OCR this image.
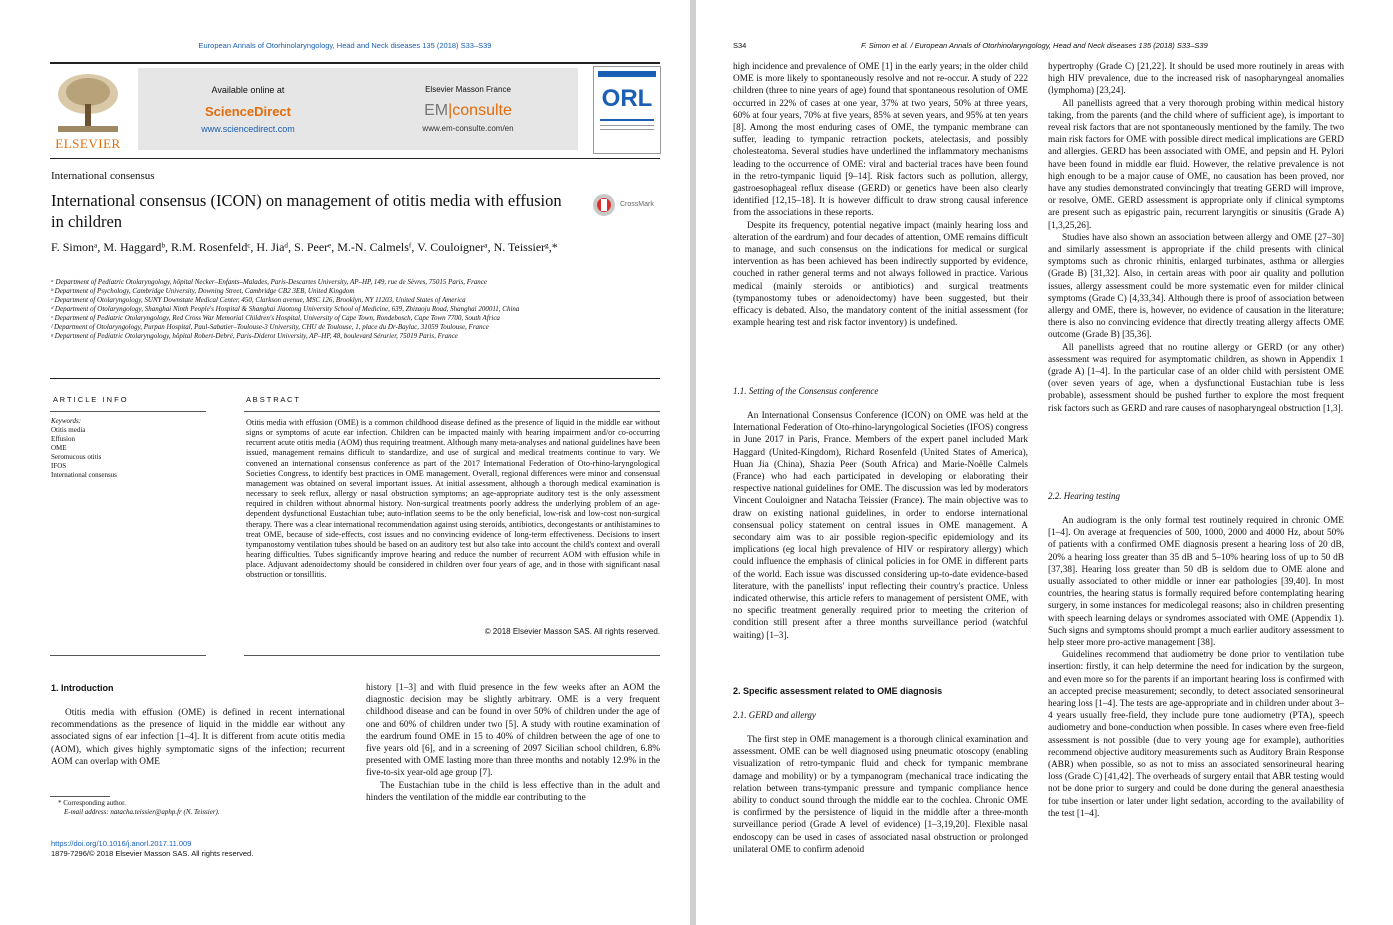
European Annals of Otorhinolaryngology, Head and Neck diseases 135 (2018) S33–S39
ELSEVIER
Available online at
ScienceDirect
www.sciencedirect.com
Elsevier Masson France
EM|consulte
www.em-consulte.com/en
ORL
International consensus
International consensus (ICON) on management of otitis media with effusion in children
CrossMark
F. Simonᵃ, M. Haggardᵇ, R.M. Rosenfeldᶜ, H. Jiaᵈ, S. Peerᵉ, M.-N. Calmelsᶠ, V. Couloignerᵃ, N. Teissierᵍ,*
ᵃ Department of Pediatric Otolaryngology, hôpital Necker–Enfants–Malades, Paris-Descartes University, AP–HP, 149, rue de Sèvres, 75015 Paris, France
ᵇ Department of Psychology, Cambridge University, Downing Street, Cambridge CB2 3EB, United Kingdom
ᶜ Department of Otolaryngology, SUNY Downstate Medical Center, 450, Clarkson avenue, MSC 126, Brooklyn, NY 11203, United States of America
ᵈ Department of Otolaryngology, Shanghai Ninth People's Hospital & Shanghai Jiaotong University School of Medicine, 639, Zhizaoju Road, Shanghai 200011, China
ᵉ Department of Pediatric Otolaryngology, Red Cross War Memorial Children's Hospital, University of Cape Town, Rondebosch, Cape Town 7700, South Africa
ᶠ Department of Otolaryngology, Purpan Hospital, Paul-Sabatier–Toulouse-3 University, CHU de Toulouse, 1, place du Dr-Baylac, 31059 Toulouse, France
ᵍ Department of Pediatric Otolaryngology, hôpital Robert-Debré, Paris-Diderot University, AP–HP, 48, boulevard Sérurier, 75019 Paris, France
A R T I C L E   I N F O
Keywords:
Otitis media
Effusion
OME
Seromucous otitis
IFOS
International consensus
A B S T R A C T
Otitis media with effusion (OME) is a common childhood disease defined as the presence of liquid in the middle ear without signs or symptoms of acute ear infection. Children can be impacted mainly with hearing impairment and/or co-occurring recurrent acute otitis media (AOM) thus requiring treatment. Although many meta-analyses and national guidelines have been issued, management remains difficult to standardize, and use of surgical and medical treatments continue to vary. We convened an international consensus conference as part of the 2017 International Federation of Oto-rhino-laryngological Societies Congress, to identify best practices in OME management. Overall, regional differences were minor and consensual management was obtained on several important issues. At initial assessment, although a thorough medical examination is necessary to seek reflux, allergy or nasal obstruction symptoms; an age-appropriate auditory test is the only assessment required in children without abnormal history. Non-surgical treatments poorly address the underlying problem of an age-dependent dysfunctional Eustachian tube; auto-inflation seems to be the only beneficial, low-risk and low-cost non-surgical therapy. There was a clear international recommendation against using steroids, antibiotics, decongestants or antihistamines to treat OME, because of side-effects, cost issues and no convincing evidence of long-term effectiveness. Decisions to insert tympanostomy ventilation tubes should be based on an auditory test but also take into account the child's context and overall hearing difficulties. Tubes significantly improve hearing and reduce the number of recurrent AOM with effusion while in place. Adjuvant adenoidectomy should be considered in children over four years of age, and in those with significant nasal obstruction or tonsillitis.
© 2018 Elsevier Masson SAS. All rights reserved.
1. Introduction

Otitis media with effusion (OME) is defined in recent international recommendations as the presence of liquid in the middle ear without any associated signs of ear infection [1–4]. It is different from acute otitis media (AOM), which gives highly symptomatic signs of the infection; recurrent AOM can overlap with OME

history [1–3] and with fluid presence in the few weeks after an AOM the diagnostic decision may be slightly arbitrary. OME is a very frequent childhood disease and can be found in over 50% of children under the age of one and 60% of children under two [5]. A study with routine examination of the eardrum found OME in 15 to 40% of children between the age of one to five years old [6], and in a screening of 2097 Sicilian school children, 6.8% presented with OME lasting more than three months and notably 12.9% in the five-to-six year-old age group [7].

The Eustachian tube in the child is less effective than in the adult and hinders the ventilation of the middle ear contributing to the

* Corresponding author.
E-mail address: natacha.teissier@aphp.fr (N. Teissier).
https://doi.org/10.1016/j.anorl.2017.11.009
1879-7296/© 2018 Elsevier Masson SAS. All rights reserved.
S34	F. Simon et al. / European Annals of Otorhinolaryngology, Head and Neck diseases 135 (2018) S33–S39

high incidence and prevalence of OME [1] in the early years; in the older child OME is more likely to spontaneously resolve and not re-occur. A study of 222 children (three to nine years of age) found that spontaneous resolution of OME occurred in 22% of cases at one year, 37% at two years, 50% at three years, 60% at four years, 70% at five years, 85% at seven years, and 95% at ten years [8]. Among the most enduring cases of OME, the tympanic membrane can suffer, leading to tympanic retraction pockets, atelectasis, and possibly cholesteatoma. Several studies have underlined the inflammatory mechanisms leading to the occurrence of OME: viral and bacterial traces have been found in the retro-tympanic liquid [9–14]. Risk factors such as pollution, allergy, gastroesophageal reflux disease (GERD) or genetics have been also clearly identified [12,15–18]. It is however difficult to draw strong causal inference from the associations in these reports.

Despite its frequency, potential negative impact (mainly hearing loss and alteration of the eardrum) and four decades of attention, OME remains difficult to manage, and such consensus on the indications for medical or surgical intervention as has been achieved has been indirectly supported by evidence, couched in rather general terms and not always followed in practice. Various medical (mainly steroids or antibiotics) and surgical treatments (tympanostomy tubes or adenoidectomy) have been suggested, but their efficacy is debated. Also, the mandatory content of the initial assessment (for example hearing test and risk factor inventory) is undefined.

1.1. Setting of the Consensus conference

An International Consensus Conference (ICON) on OME was held at the International Federation of Oto-rhino-laryngological Societies (IFOS) congress in June 2017 in Paris, France. Members of the expert panel included Mark Haggard (United-Kingdom), Richard Rosenfeld (United States of America), Huan Jia (China), Shazia Peer (South Africa) and Marie-Noëlle Calmels (France) who had each participated in developing or elaborating their respective national guidelines for OME. The discussion was led by moderators Vincent Couloigner and Natacha Teissier (France). The main objective was to draw on existing national guidelines, in order to endorse international consensual policy statement on central issues in OME management. A secondary aim was to air possible region-specific epidemiology and its implications (eg local high prevalence of HIV or respiratory allergy) which could influence the emphasis of clinical policies in for OME in different parts of the world. Each issue was discussed considering up-to-date evidence-based literature, with the panellists' input reflecting their country's practice. Unless indicated otherwise, this article refers to management of persistent OME, with no specific treatment generally required prior to meeting the criterion of condition still present after a three months surveillance period (watchful waiting) [1–3].

2. Specific assessment related to OME diagnosis
2.1. GERD and allergy

The first step in OME management is a thorough clinical examination and assessment. OME can be well diagnosed using pneumatic otoscopy (enabling visualization of retro-tympanic fluid and check for tympanic membrane damage and mobility) or by a tympanogram (mechanical trace indicating the relation between trans-tympanic pressure and tympanic compliance hence ability to conduct sound through the middle ear to the cochlea. Chronic OME is confirmed by the persistence of liquid in the middle after a three-month surveillance period (Grade A level of evidence) [1–3,19,20]. Flexible nasal endoscopy can be used in cases of associated nasal obstruction or prolonged unilateral OME to confirm adenoid

hypertrophy (Grade C) [21,22]. It should be used more routinely in areas with high HIV prevalence, due to the increased risk of nasopharyngeal anomalies (lymphoma) [23,24].

All panellists agreed that a very thorough probing within medical history taking, from the parents (and the child where of sufficient age), is important to reveal risk factors that are not spontaneously mentioned by the family. The two main risk factors for OME with possible direct medical implications are GERD and allergies. GERD has been associated with OME, and pepsin and H. Pylori have been found in middle ear fluid. However, the relative prevalence is not high enough to be a major cause of OME, no causation has been proved, nor have any studies demonstrated convincingly that treating GERD will improve, or resolve, OME. GERD assessment is appropriate only if clinical symptoms are present such as epigastric pain, recurrent laryngitis or sinusitis (Grade A) [1,3,25,26].

Studies have also shown an association between allergy and OME [27–30] and similarly assessment is appropriate if the child presents with clinical symptoms such as chronic rhinitis, enlarged turbinates, asthma or allergies (Grade B) [31,32]. Also, in certain areas with poor air quality and pollution issues, allergy assessment could be more systematic even for milder clinical symptoms (Grade C) [4,33,34]. Although there is proof of association between allergy and OME, there is, however, no evidence of causation in the literature; there is also no convincing evidence that directly treating allergy affects OME outcome (Grade B) [35,36].

All panellists agreed that no routine allergy or GERD (or any other) assessment was required for asymptomatic children, as shown in Appendix 1 (grade A) [1–4]. In the particular case of an older child with persistent OME (over seven years of age, when a dysfunctional Eustachian tube is less probable), assessment should be pushed further to explore the most frequent risk factors such as GERD and rare causes of nasopharyngeal obstruction [1,3].

2.2. Hearing testing

An audiogram is the only formal test routinely required in chronic OME [1–4]. On average at frequencies of 500, 1000, 2000 and 4000 Hz, about 50% of patients with a confirmed OME diagnosis present a hearing loss of 20 dB, 20% a hearing loss greater than 35 dB and 5–10% hearing loss of up to 50 dB [37,38]. Hearing loss greater than 50 dB is seldom due to OME alone and usually associated to other middle or inner ear pathologies [39,40]. In most countries, the hearing status is formally required before contemplating hearing surgery, in some instances for medicolegal reasons; also in children presenting with speech learning delays or syndromes associated with OME (Appendix 1). Such signs and symptoms should prompt a much earlier auditory assessment to help steer more pro-active management [38].

Guidelines recommend that audiometry be done prior to ventilation tube insertion: firstly, it can help determine the need for indication by the surgeon, and even more so for the parents if an important hearing loss is confirmed with an accepted precise measurement; secondly, to detect associated sensorineural hearing loss [1–4]. The tests are age-appropriate and in children under about 3–4 years usually free-field, they include pure tone audiometry (PTA), speech audiometry and bone-conduction when possible. In cases where even free-field assessment is not possible (due to very young age for example), authorities recommend objective auditory measurements such as Auditory Brain Response (ABR) when possible, so as not to miss an associated sensorineural hearing loss (Grade C) [41,42]. The overheads of surgery entail that ABR testing would not be done prior to surgery and could be done during the general anaesthesia for tube insertion or later under light sedation, according to the availability of the test [1–4].
